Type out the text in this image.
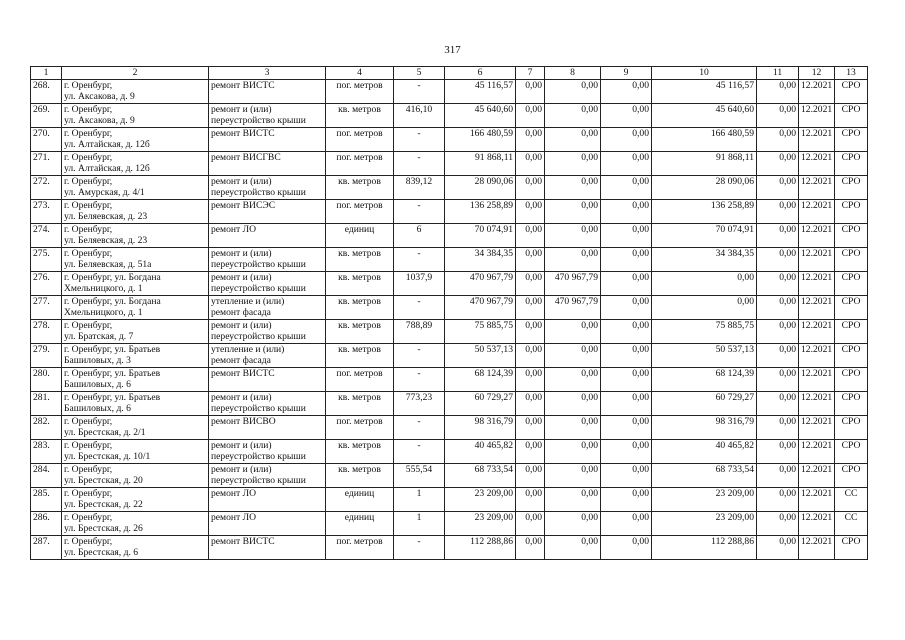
317
1	2	3	4	5	6	7	8	9	10	11	12	13
268.	г. Оренбург,
ул. Аксакова, д. 9	ремонт ВИСТС	пог. метров	-	45 116,57	0,00	0,00	0,00	45 116,57	0,00	12.2021	СРО
269.	г. Оренбург,
ул. Аксакова, д. 9	ремонт и (или)
переустройство крыши	кв. метров	416,10	45 640,60	0,00	0,00	0,00	45 640,60	0,00	12.2021	СРО
270.	г. Оренбург,
ул. Алтайская, д. 12б	ремонт ВИСТС	пог. метров	-	166 480,59	0,00	0,00	0,00	166 480,59	0,00	12.2021	СРО
271.	г. Оренбург,
ул. Алтайская, д. 12б	ремонт ВИСГВС	пог. метров	-	91 868,11	0,00	0,00	0,00	91 868,11	0,00	12.2021	СРО
272.	г. Оренбург,
ул. Амурская, д. 4/1	ремонт и (или)
переустройство крыши	кв. метров	839,12	28 090,06	0,00	0,00	0,00	28 090,06	0,00	12.2021	СРО
273.	г. Оренбург,
ул. Беляевская, д. 23	ремонт ВИСЭС	пог. метров	-	136 258,89	0,00	0,00	0,00	136 258,89	0,00	12.2021	СРО
274.	г. Оренбург,
ул. Беляевская, д. 23	ремонт ЛО	единиц	6	70 074,91	0,00	0,00	0,00	70 074,91	0,00	12.2021	СРО
275.	г. Оренбург,
ул. Беляевская, д. 51а	ремонт и (или)
переустройство крыши	кв. метров	-	34 384,35	0,00	0,00	0,00	34 384,35	0,00	12.2021	СРО
276.	г. Оренбург, ул. Богдана
Хмельницкого, д. 1	ремонт и (или)
переустройство крыши	кв. метров	1037,9	470 967,79	0,00	470 967,79	0,00	0,00	0,00	12.2021	СРО
277.	г. Оренбург, ул. Богдана
Хмельницкого, д. 1	утепление и (или)
ремонт фасада	кв. метров	-	470 967,79	0,00	470 967,79	0,00	0,00	0,00	12.2021	СРО
278.	г. Оренбург,
ул. Братская, д. 7	ремонт и (или)
переустройство крыши	кв. метров	788,89	75 885,75	0,00	0,00	0,00	75 885,75	0,00	12.2021	СРО
279.	г. Оренбург, ул. Братьев
Башиловых, д. 3	утепление и (или)
ремонт фасада	кв. метров	-	50 537,13	0,00	0,00	0,00	50 537,13	0,00	12.2021	СРО
280.	г. Оренбург, ул. Братьев
Башиловых, д. 6	ремонт ВИСТС	пог. метров	-	68 124,39	0,00	0,00	0,00	68 124,39	0,00	12.2021	СРО
281.	г. Оренбург, ул. Братьев
Башиловых, д. 6	ремонт и (или)
переустройство крыши	кв. метров	773,23	60 729,27	0,00	0,00	0,00	60 729,27	0,00	12.2021	СРО
282.	г. Оренбург,
ул. Брестская, д. 2/1	ремонт ВИСВО	пог. метров	-	98 316,79	0,00	0,00	0,00	98 316,79	0,00	12.2021	СРО
283.	г. Оренбург,
ул. Брестская, д. 10/1	ремонт и (или)
переустройство крыши	кв. метров	-	40 465,82	0,00	0,00	0,00	40 465,82	0,00	12.2021	СРО
284.	г. Оренбург,
ул. Брестская, д. 20	ремонт и (или)
переустройство крыши	кв. метров	555,54	68 733,54	0,00	0,00	0,00	68 733,54	0,00	12.2021	СРО
285.	г. Оренбург,
ул. Брестская, д. 22	ремонт ЛО	единиц	1	23 209,00	0,00	0,00	0,00	23 209,00	0,00	12.2021	СС
286.	г. Оренбург,
ул. Брестская, д. 26	ремонт ЛО	единиц	1	23 209,00	0,00	0,00	0,00	23 209,00	0,00	12.2021	СС
287.	г. Оренбург,
ул. Брестская, д. 6	ремонт ВИСТС	пог. метров	-	112 288,86	0,00	0,00	0,00	112 288,86	0,00	12.2021	СРО
